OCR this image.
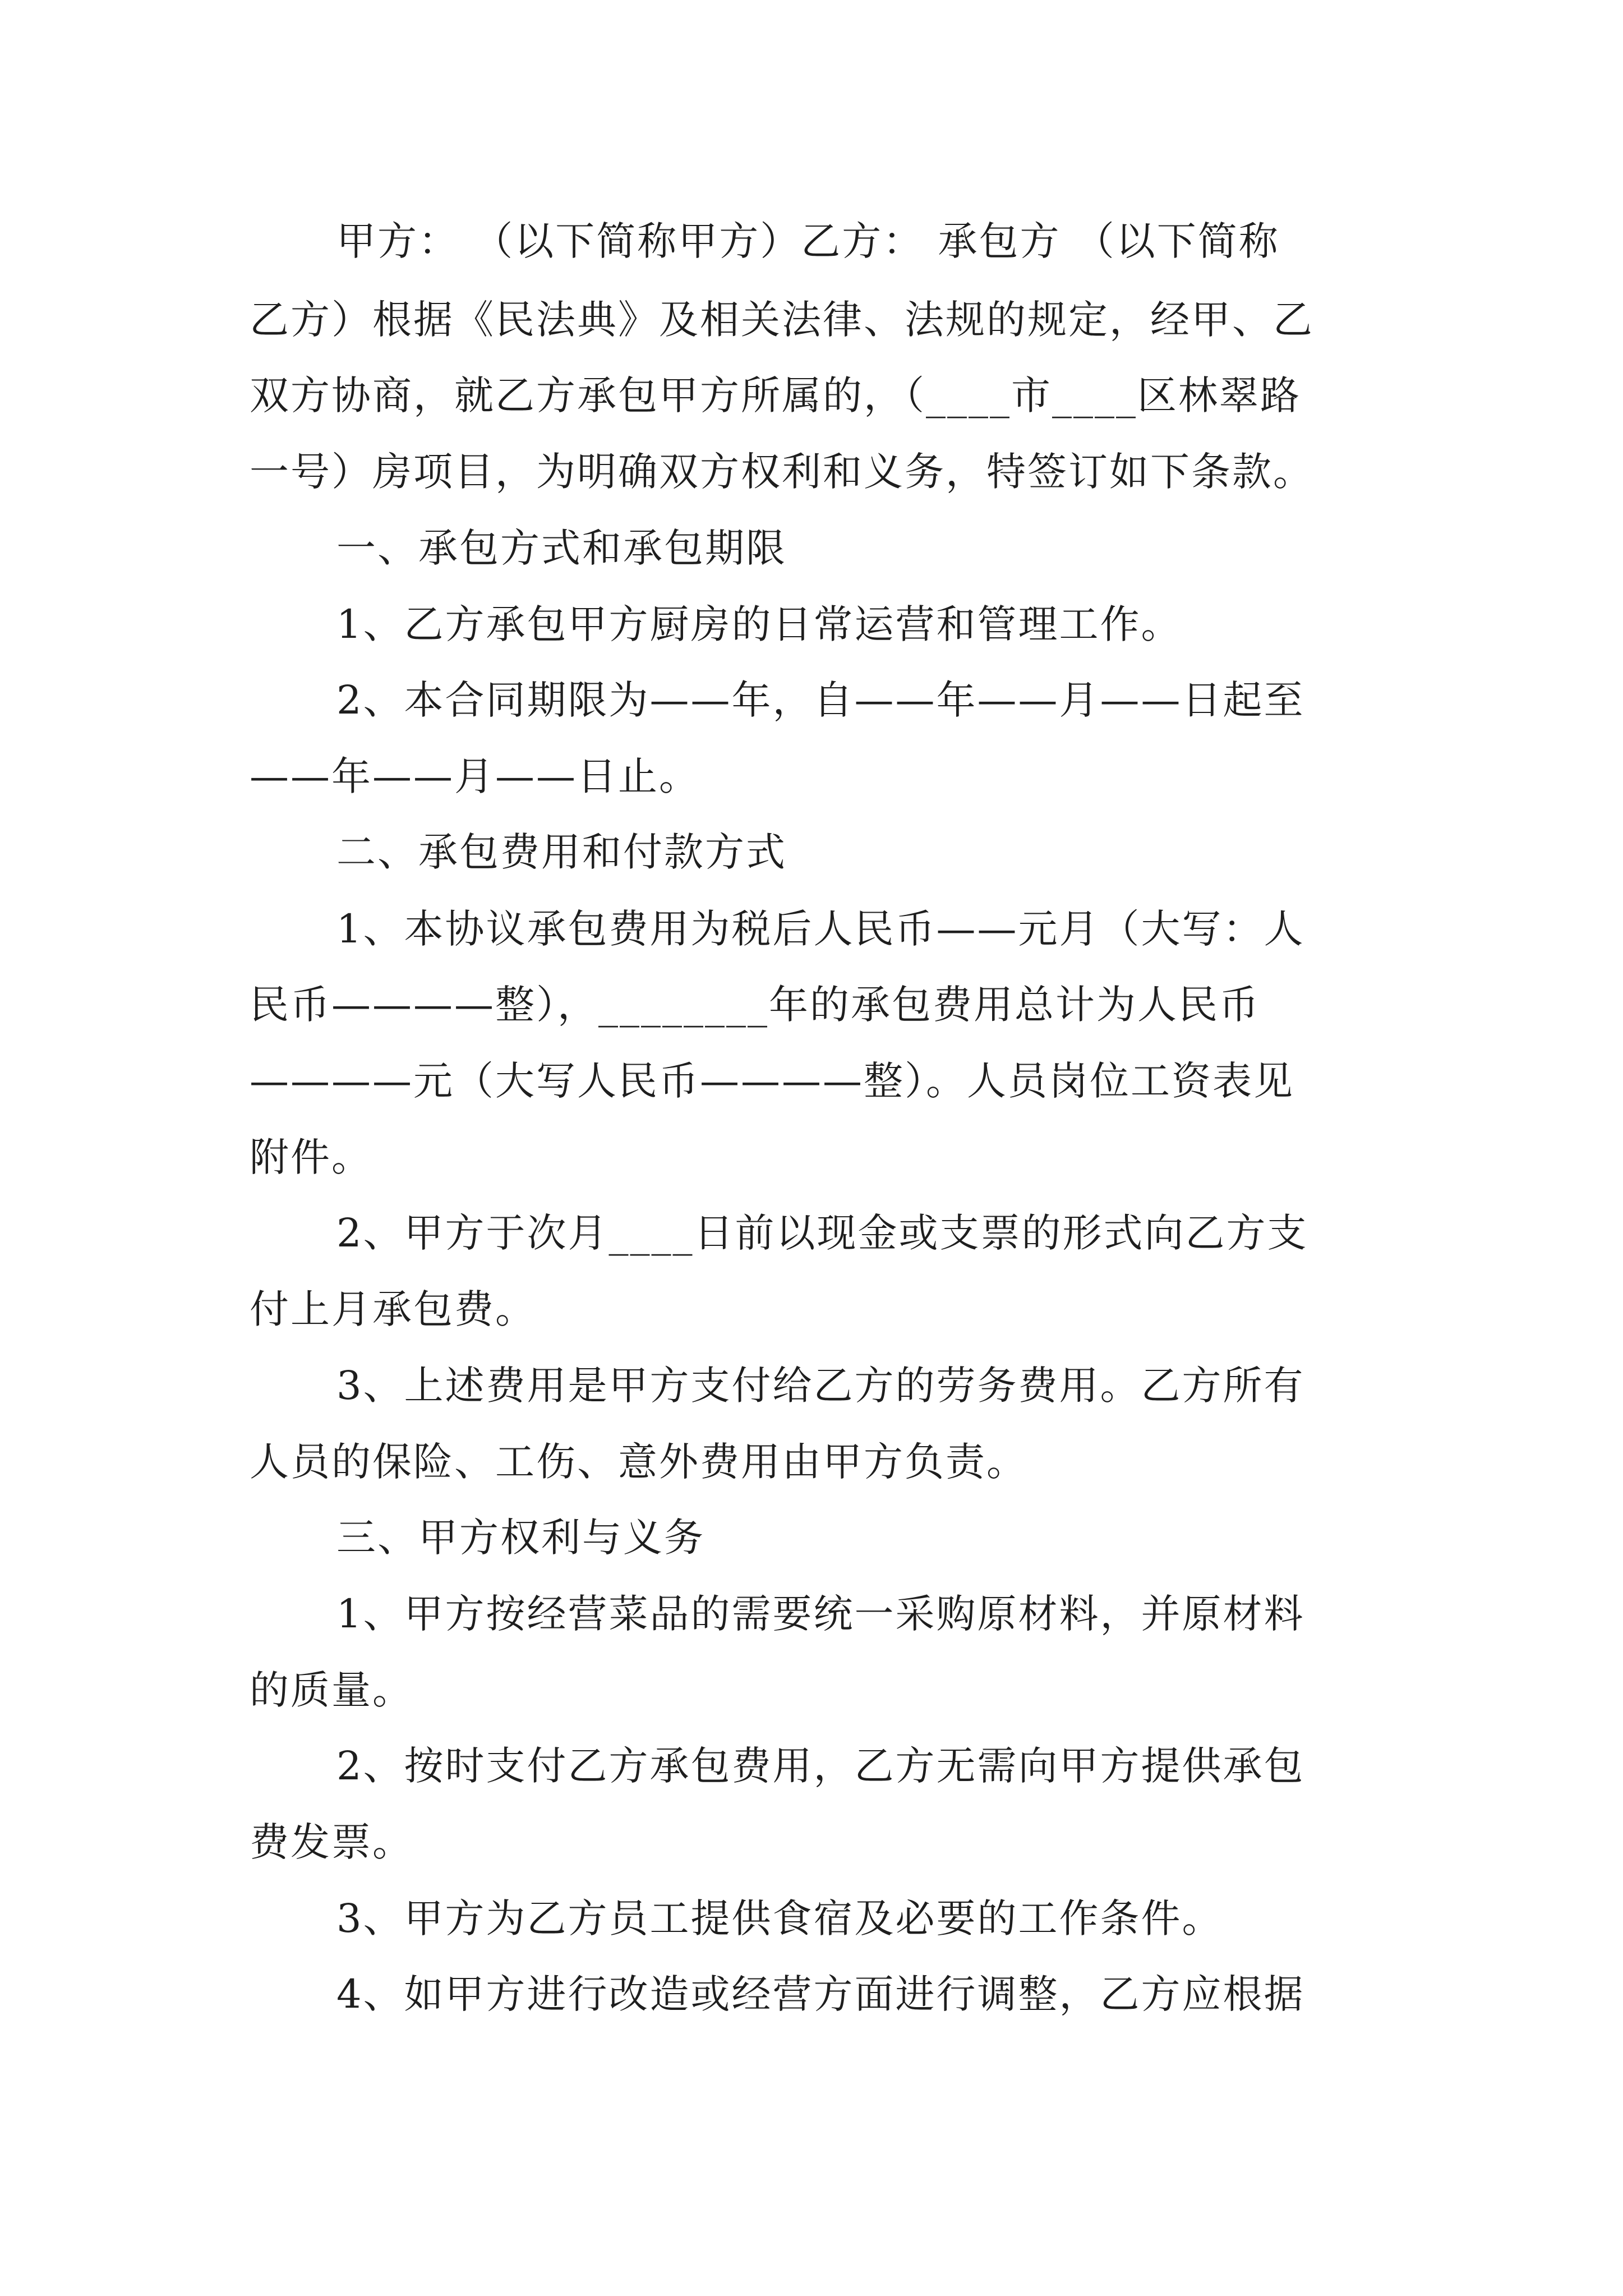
甲方： （以下简称甲方）乙方： 承包方 （以下简称
乙方）根据《民法典》及相关法律、法规的规定，经甲、乙
双方协商，就乙方承包甲方所属的，（____市____区林翠路
一号）房项目，为明确双方权利和义务，特签订如下条款。
一、承包方式和承包期限
1、乙方承包甲方厨房的日常运营和管理工作。
2、本合同期限为——年，自——年——月——日起至
——年——月——日止。
二、承包费用和付款方式
1、本协议承包费用为税后人民币——元月（大写：人
民币————整），________年的承包费用总计为人民币
————元（大写人民币————整）。人员岗位工资表见
附件。
2、甲方于次月____日前以现金或支票的形式向乙方支
付上月承包费。
3、上述费用是甲方支付给乙方的劳务费用。乙方所有
人员的保险、工伤、意外费用由甲方负责。
三、甲方权利与义务
1、甲方按经营菜品的需要统一采购原材料，并原材料
的质量。
2、按时支付乙方承包费用，乙方无需向甲方提供承包
费发票。
3、甲方为乙方员工提供食宿及必要的工作条件。
4、如甲方进行改造或经营方面进行调整，乙方应根据
